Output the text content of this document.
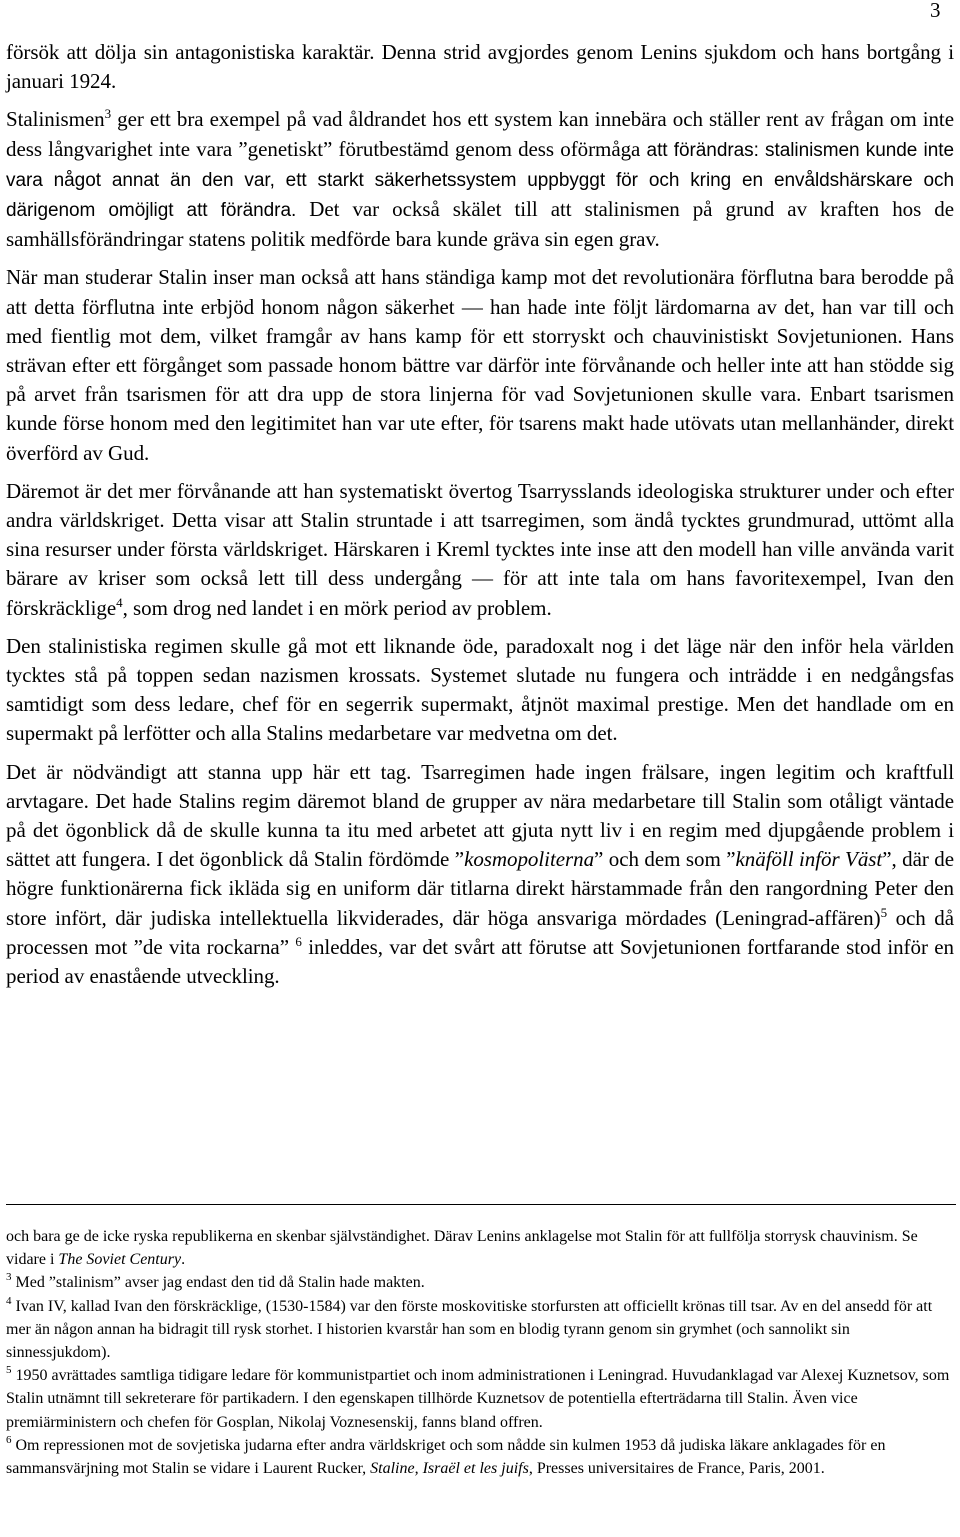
3

försök att dölja sin antagonistiska karaktär. Denna strid avgjordes genom Lenins sjukdom och hans bortgång i januari 1924.

Stalinismen$^3$ ger ett bra exempel på vad åldrandet hos ett system kan innebära och ställer rent av frågan om inte dess långvarighet inte vara ”genetiskt” förutbestämd genom dess oförmåga att förändras: stalinismen kunde inte vara något annat än den var, ett starkt säkerhetssystem uppbyggt för och kring en envåldshärskare och därigenom omöjligt att förändra. Det var också skälet till att stalinismen på grund av kraften hos de samhällsförändringar statens politik medförde bara kunde gräva sin egen grav.

När man studerar Stalin inser man också att hans ständiga kamp mot det revolutionära förflutna bara berodde på att detta förflutna inte erbjöd honom någon säkerhet — han hade inte följt lärdomarna av det, han var till och med fientlig mot dem, vilket framgår av hans kamp för ett storryskt och chauvinistiskt Sovjetunionen. Hans strävan efter ett förgånget som passade honom bättre var därför inte förvånande och heller inte att han stödde sig på arvet från tsarismen för att dra upp de stora linjerna för vad Sovjetunionen skulle vara. Enbart tsarismen kunde förse honom med den legitimitet han var ute efter, för tsarens makt hade utövats utan mellanhänder, direkt överförd av Gud.

Däremot är det mer förvånande att han systematiskt övertog Tsarrysslands ideologiska strukturer under och efter andra världskriget. Detta visar att Stalin struntade i att tsarregimen, som ändå tycktes grundmurad, uttömt alla sina resurser under första världskriget. Härskaren i Kreml tycktes inte insе att den modell han ville använda varit bärare av kriser som också lett till dess undergång — för att inte tala om hans favoritexempel, Ivan den förskräcklige$^4$, som drog ned landet i en mörk period av problem.

Den stalinistiska regimen skulle gå mot ett liknande öde, paradoxalt nog i det läge när den inför hela världen tycktes stå på toppen sedan nazismen krossats. Systemet slutade nu fungera och inträdde i en nedgångsfas samtidigt som dess ledare, chef för en segerrik supermakt, åtjnöt maximal prestige. Men det handlade om en supermakt på lerfötter och alla Stalins medarbetare var medvetna om det.

Det är nödvändigt att stanna upp här ett tag. Tsarregimen hade ingen frälsare, ingen legitim och kraftfull arvtagare. Det hade Stalins regim däremot bland de grupper av nära medarbetare till Stalin som otåligt väntade på det ögonblick då de skulle kunna ta itu med arbetet att gjuta nytt liv i en regim med djupgående problem i sättet att fungera. I det ögonblick då Stalin fördömde ”kosmopoliterna” och dem som ”knäföll inför Väst”, där de högre funktionärerna fick ikläda sig en uniform där titlarna direkt härstammade från den rangordning Peter den store infört, där judiska intellektuella likviderades, där höga ansvariga mördades (Leningrad-affären)$^5$ och då processen mot ”de vita rockarna” $^6$ inleddes, var det svårt att förutse att Sovjetunionen fortfarande stod inför en period av enastående utveckling.

och bara ge de icke ryska republikerna en skenbar självständighet. Därav Lenins anklagelse mot Stalin för att fullfölja storrysk chauvinism. Se vidare i The Soviet Century.

$^3$ Med ”stalinism” avser jag endast den tid då Stalin hade makten.

$^4$ Ivan IV, kallad Ivan den förskräcklige, (1530-1584) var den förste moskovitiske storfursten att officiellt krönas till tsar. Av en del ansedd för att mer än någon annan ha bidragit till rysk storhet. I historien kvarstår han som en blodig tyrann genom sin grymhet (och sannolikt sin sinnessjukdom).

$^5$ 1950 avrättades samtliga tidigare ledare för kommunistpartiet och inom administrationen i Leningrad. Huvudanklagad var Alexej Kuznetsov, som Stalin utnämnt till sekreterare för partikadern. I den egenskapen tillhörde Kuznetsov de potentiella efterträdarna till Stalin. Även vice premiärministern och chefen för Gosplan, Nikolaj Voznesenskij, fanns bland offren.

$^6$ Om repressionen mot de sovjetiska judarna efter andra världskriget och som nådde sin kulmen 1953 då judiska läkare anklagades för en sammansvärjning mot Stalin se vidare i Laurent Rucker, Staline, Israël et les juifs, Presses universitaires de France, Paris, 2001.
